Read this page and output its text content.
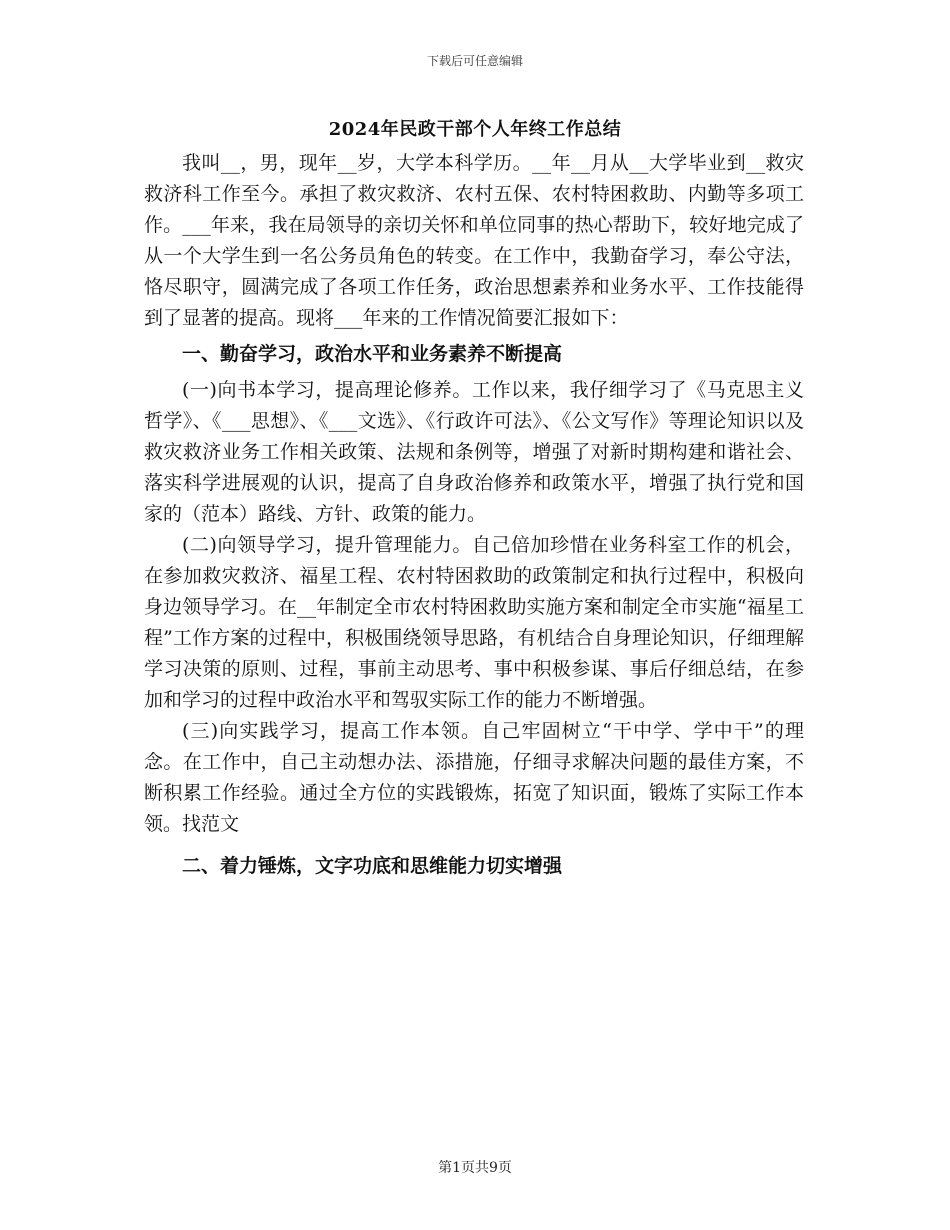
下载后可任意编辑
2024年民政干部个人年终工作总结

我叫__，男，现年__岁，大学本科学历。__年__月从__大学毕业到__救灾救济科工作至今。承担了救灾救济、农村五保、农村特困救助、内勤等多项工作。___年来，我在局领导的亲切关怀和单位同事的热心帮助下，较好地完成了从一个大学生到一名公务员角色的转变。在工作中，我勤奋学习，奉公守法，恪尽职守，圆满完成了各项工作任务，政治思想素养和业务水平、工作技能得到了显著的提高。现将___年来的工作情况简要汇报如下：

一、勤奋学习，政治水平和业务素养不断提高

(一)向书本学习，提高理论修养。工作以来，我仔细学习了《马克思主义哲学》、《___思想》、《___文选》、《行政许可法》、《公文写作》等理论知识以及救灾救济业务工作相关政策、法规和条例等，增强了对新时期构建和谐社会、落实科学进展观的认识，提高了自身政治修养和政策水平，增强了执行党和国家的（范本）路线、方针、政策的能力。

(二)向领导学习，提升管理能力。自己倍加珍惜在业务科室工作的机会，在参加救灾救济、福星工程、农村特困救助的政策制定和执行过程中，积极向身边领导学习。在__年制定全市农村特困救助实施方案和制定全市实施“福星工程”工作方案的过程中，积极围绕领导思路，有机结合自身理论知识，仔细理解学习决策的原则、过程，事前主动思考、事中积极参谋、事后仔细总结，在参加和学习的过程中政治水平和驾驭实际工作的能力不断增强。

(三)向实践学习，提高工作本领。自己牢固树立“干中学、学中干”的理念。在工作中，自己主动想办法、添措施，仔细寻求解决问题的最佳方案，不断积累工作经验。通过全方位的实践锻炼，拓宽了知识面，锻炼了实际工作本领。找范文

二、着力锤炼，文字功底和思维能力切实增强

第1页共9页
